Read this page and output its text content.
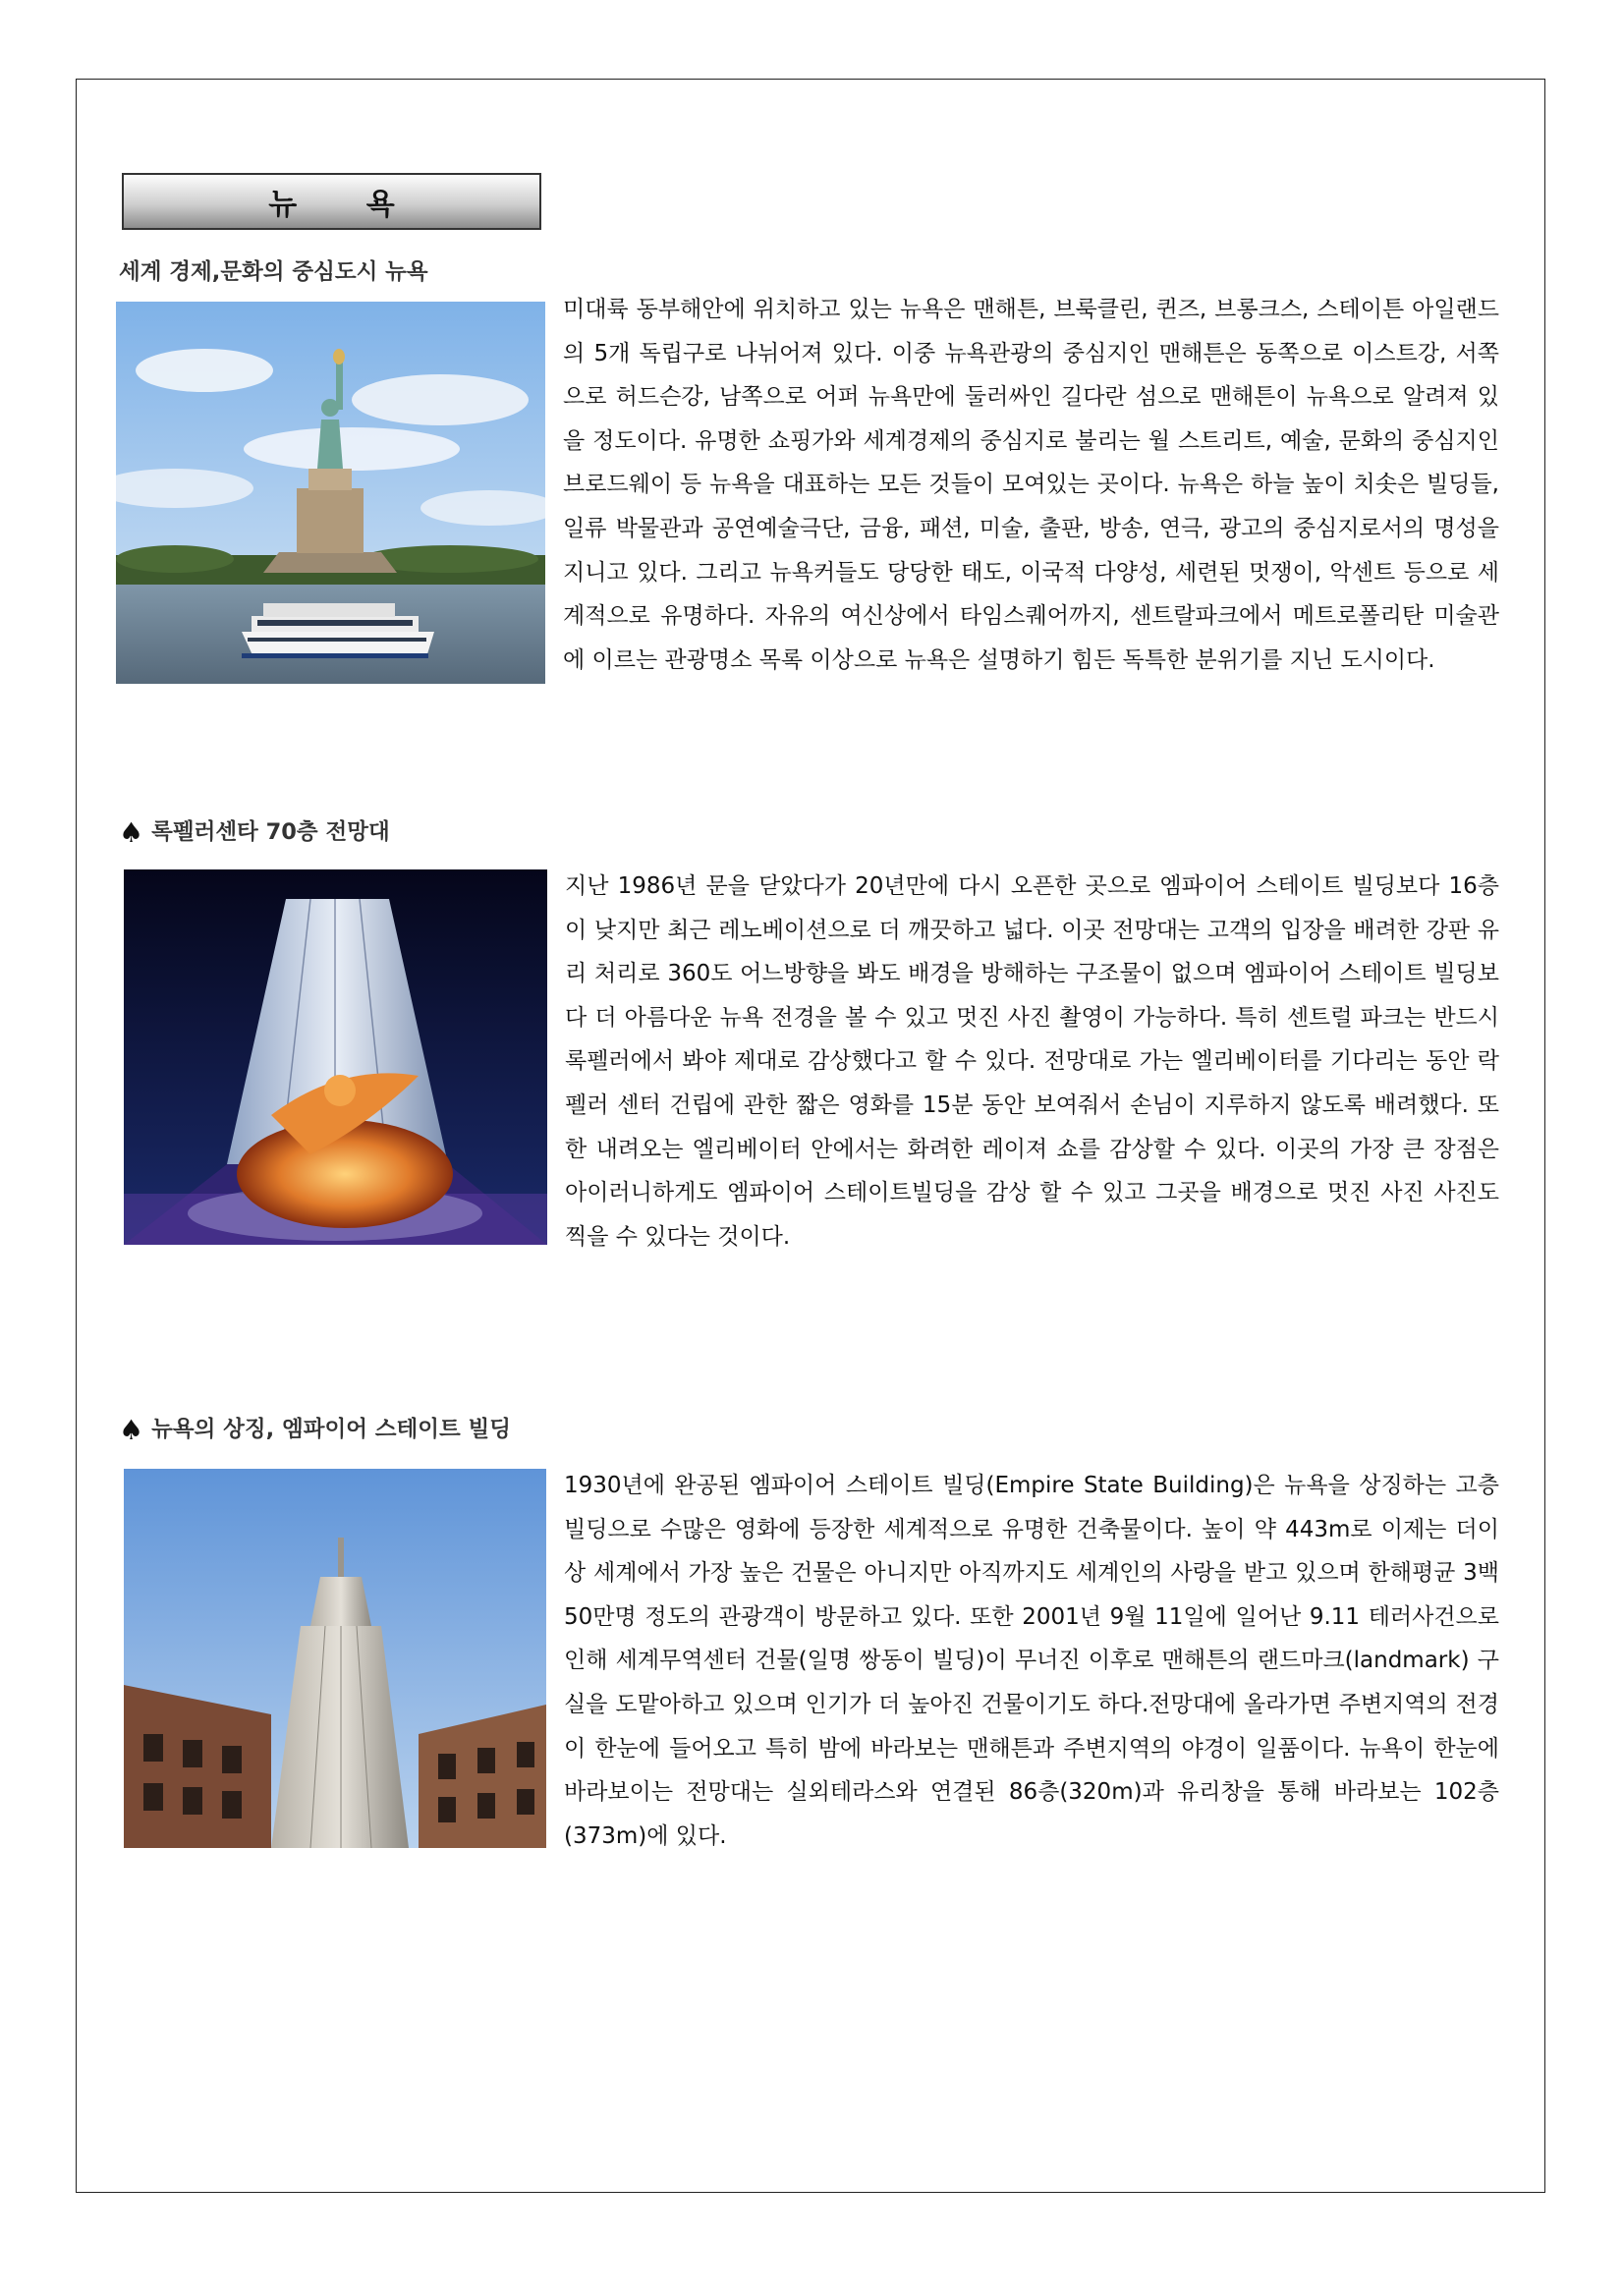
뉴 욕
세계 경제,문화의 중심도시 뉴욕
미대륙 동부해안에 위치하고 있는 뉴욕은 맨해튼, 브룩클린, 퀸즈, 브롱크스, 스테이튼 아일랜드의 5개 독립구로 나뉘어져 있다. 이중 뉴욕관광의 중심지인 맨해튼은 동쪽으로 이스트강, 서쪽으로 허드슨강, 남쪽으로 어퍼 뉴욕만에 둘러싸인 길다란 섬으로 맨해튼이 뉴욕으로 알려져 있을 정도이다. 유명한 쇼핑가와 세계경제의 중심지로 불리는 월 스트리트, 예술, 문화의 중심지인 브로드웨이 등 뉴욕을 대표하는 모든 것들이 모여있는 곳이다. 뉴욕은 하늘 높이 치솟은 빌딩들, 일류 박물관과 공연예술극단, 금융, 패션, 미술, 출판, 방송, 연극, 광고의 중심지로서의 명성을 지니고 있다. 그리고 뉴욕커들도 당당한 태도, 이국적 다양성, 세련된 멋쟁이, 악센트 등으로 세계적으로 유명하다. 자유의 여신상에서 타임스퀘어까지, 센트랄파크에서 메트로폴리탄 미술관에 이르는 관광명소 목록 이상으로 뉴욕은 설명하기 힘든 독특한 분위기를 지닌 도시이다.
♠ 록펠러센타 70층 전망대
지난 1986년 문을 닫았다가 20년만에 다시 오픈한 곳으로 엠파이어 스테이트 빌딩보다 16층이 낮지만 최근 레노베이션으로 더 깨끗하고 넓다. 이곳 전망대는 고객의 입장을 배려한 강판 유리 처리로 360도 어느방향을 봐도 배경을 방해하는 구조물이 없으며 엠파이어 스테이트 빌딩보다 더 아름다운 뉴욕 전경을 볼 수 있고 멋진 사진 촬영이 가능하다. 특히 센트럴 파크는 반드시 록펠러에서 봐야 제대로 감상했다고 할 수 있다. 전망대로 가는 엘리베이터를 기다리는 동안 락펠러 센터 건립에 관한 짧은 영화를 15분 동안 보여줘서 손님이 지루하지 않도록 배려했다. 또한 내려오는 엘리베이터 안에서는 화려한 레이져 쇼를 감상할 수 있다. 이곳의 가장 큰 장점은 아이러니하게도 엠파이어 스테이트빌딩을 감상 할 수 있고 그곳을 배경으로 멋진 사진 사진도 찍을 수 있다는 것이다.
♠ 뉴욕의 상징, 엠파이어 스테이트 빌딩
1930년에 완공된 엠파이어 스테이트 빌딩(Empire State Building)은 뉴욕을 상징하는 고층빌딩으로 수많은 영화에 등장한 세계적으로 유명한 건축물이다. 높이 약 443m로 이제는 더이상 세계에서 가장 높은 건물은 아니지만 아직까지도 세계인의 사랑을 받고 있으며 한해평균 3백 50만명 정도의 관광객이 방문하고 있다. 또한 2001년 9월 11일에 일어난 9.11 테러사건으로 인해 세계무역센터 건물(일명 쌍동이 빌딩)이 무너진 이후로 맨해튼의 랜드마크(landmark) 구실을 도맡아하고 있으며 인기가 더 높아진 건물이기도 하다.전망대에 올라가면 주변지역의 전경이 한눈에 들어오고 특히 밤에 바라보는 맨해튼과 주변지역의 야경이 일품이다. 뉴욕이 한눈에 바라보이는 전망대는 실외테라스와 연결된 86층(320m)과 유리창을 통해 바라보는 102층(373m)에 있다.
